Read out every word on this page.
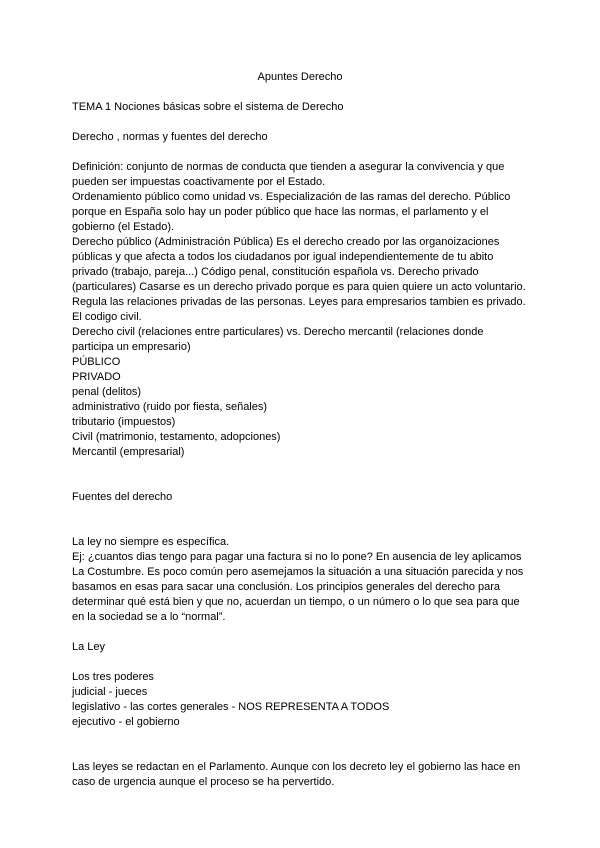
Apuntes Derecho

TEMA 1 Nociones básicas sobre el sistema de Derecho

Derecho , normas y fuentes del derecho

Definición: conjunto de normas de conducta que tienden a asegurar la convivencia y que pueden ser impuestas coactivamente por el Estado.

Ordenamiento público como unidad vs. Especialización de las ramas del derecho. Público porque en España solo hay un poder público que hace las normas, el parlamento y el gobierno (el Estado).

Derecho público (Administración Pública) Es el derecho creado por las organoizaciones públicas y que afecta a todos los ciudadanos por igual independientemente de tu abito privado (trabajo, pareja...) Código penal, constitución española vs. Derecho privado (particulares) Casarse es un derecho privado porque es para quien quiere un acto voluntario. Regula las relaciones privadas de las personas. Leyes para empresarios tambien es privado. El codigo civil.

Derecho civil (relaciones entre particulares) vs. Derecho mercantil (relaciones donde participa un empresario)

PÚBLICO

PRIVADO

penal (delitos)

administrativo (ruido por fiesta, señales)

tributario (impuestos)

Civil (matrimonio, testamento, adopciones)

Mercantil (empresarial)

Fuentes del derecho

La ley no siempre es específica.

Ej: ¿cuantos dias tengo para pagar una factura si no lo pone? En ausencia de ley aplicamos La Costumbre. Es poco común pero asemejamos la situación a una situación parecida y nos basamos en esas para sacar una conclusión. Los principios generales del derecho para determinar qué está bien y que no, acuerdan un tiempo, o un número o lo que sea para que en la sociedad se a lo “normal”.

La Ley

Los tres poderes

judicial - jueces

legislativo - las cortes generales - NOS REPRESENTA A TODOS

ejecutivo - el gobierno

Las leyes se redactan en el Parlamento. Aunque con los decreto ley el gobierno las hace en caso de urgencia aunque el proceso se ha pervertido.
